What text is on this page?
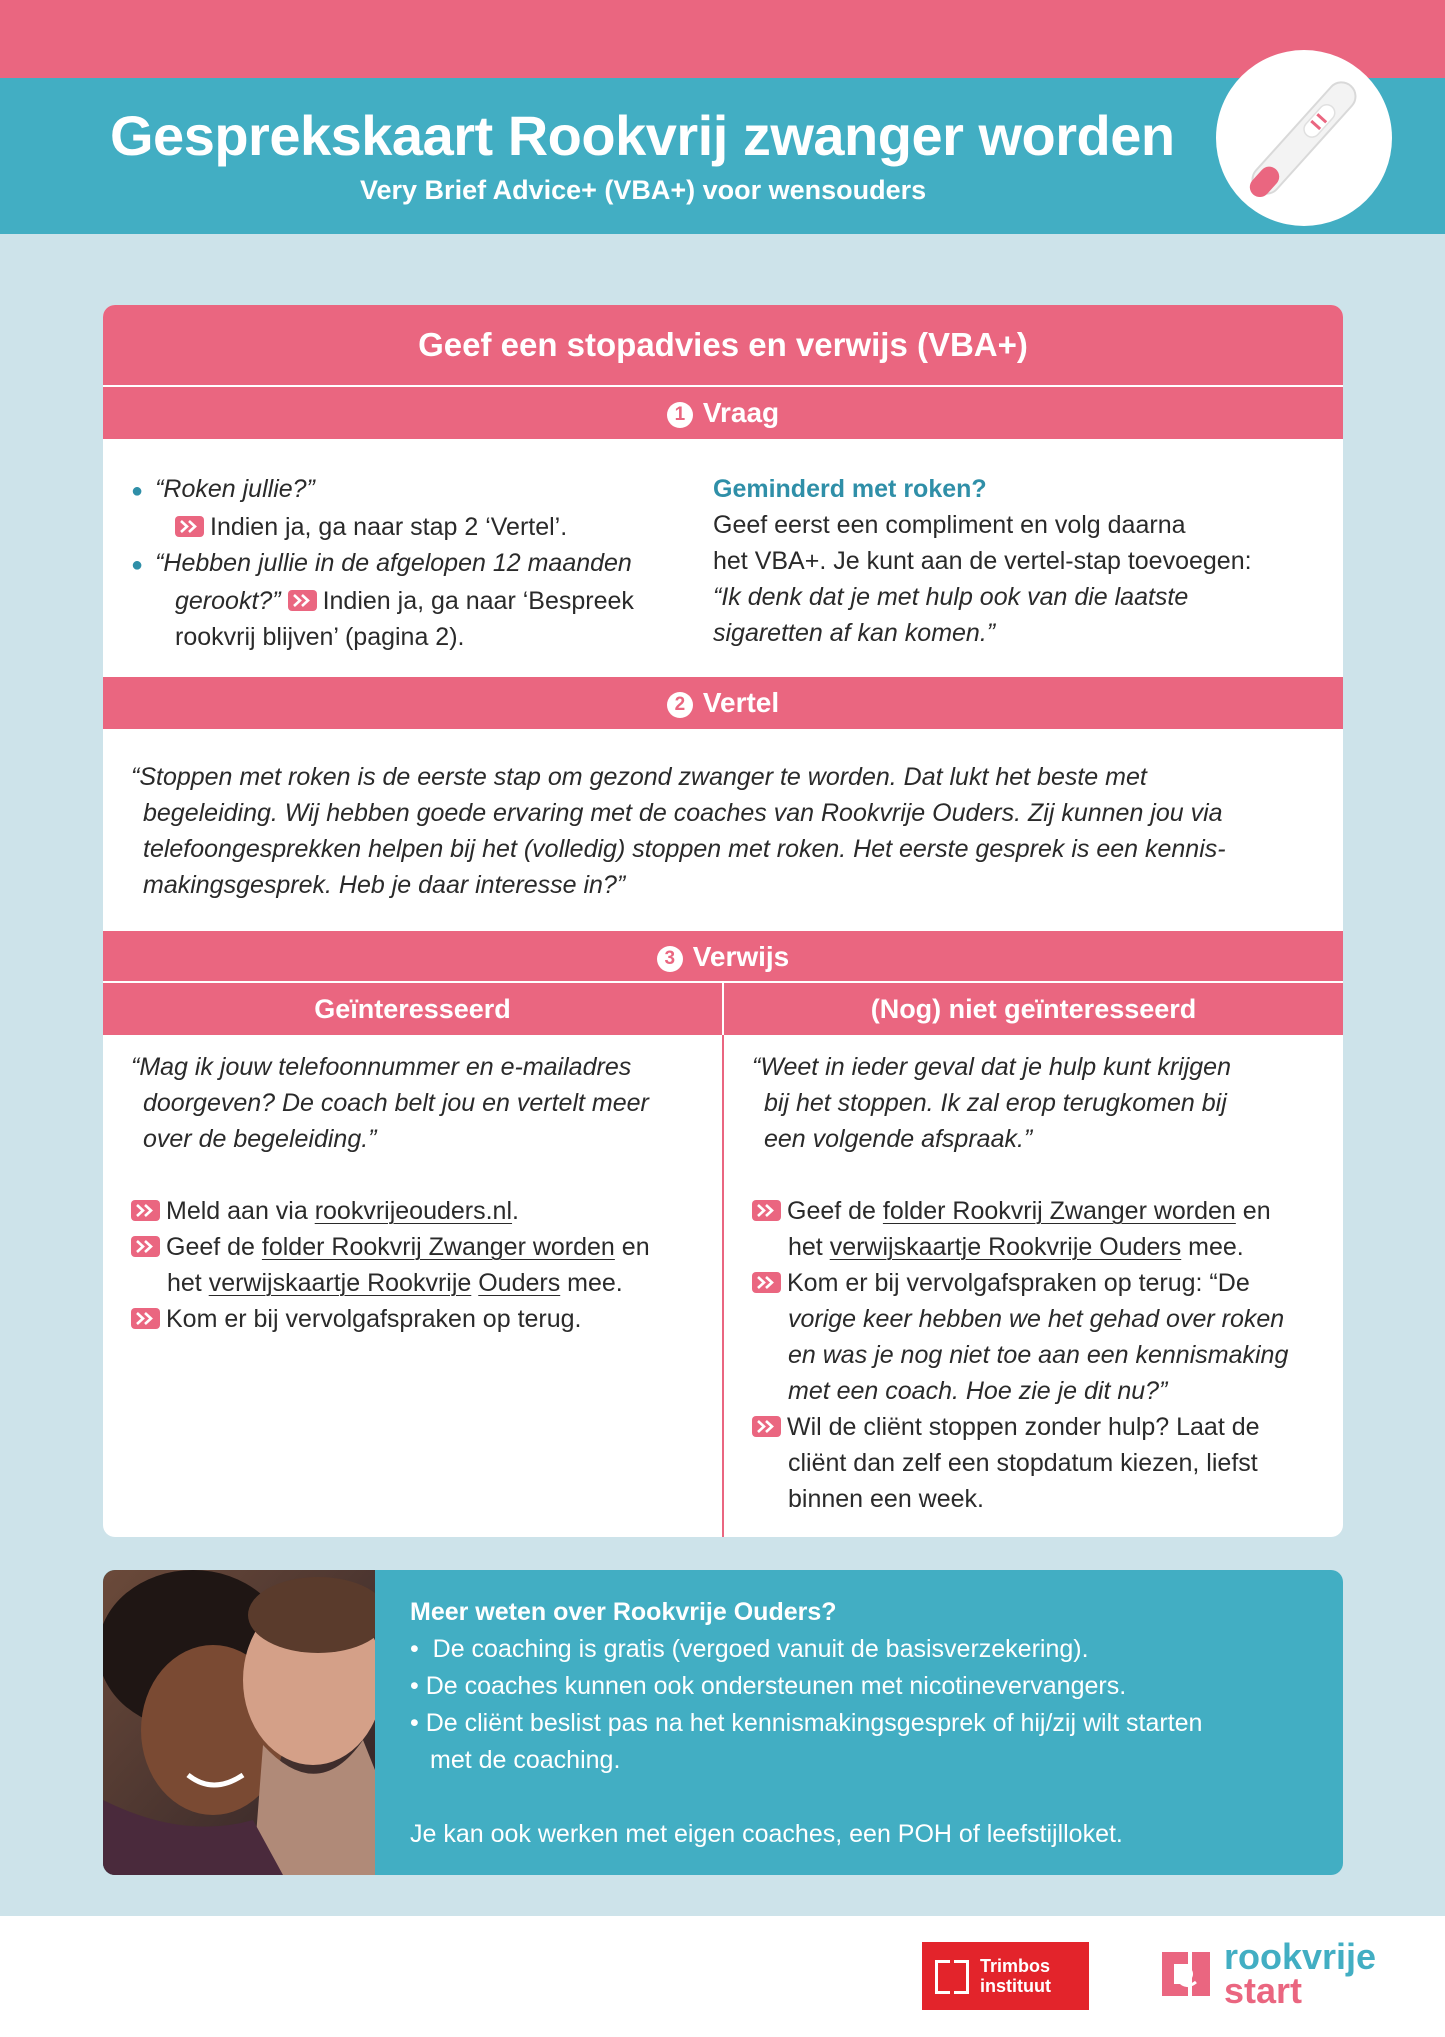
Gesprekskaart Rookvrij zwanger worden
Very Brief Advice+ (VBA+) voor wensouders
Geef een stopadvies en verwijs (VBA+)
1 Vraag
● “Roken jullie?”
Indien ja, ga naar stap 2 ‘Vertel’.
● “Hebben jullie in de afgelopen 12 maanden
gerookt?” Indien ja, ga naar ‘Bespreek
rookvrij blijven’ (pagina 2).
Geminderd met roken?
Geef eerst een compliment en volg daarna
het VBA+. Je kunt aan de vertel-stap toevoegen:
“Ik denk dat je met hulp ook van die laatste
sigaretten af kan komen.”
2 Vertel
“Stoppen met roken is de eerste stap om gezond zwanger te worden. Dat lukt het beste met
begeleiding. Wij hebben goede ervaring met de coaches van Rookvrije Ouders. Zij kunnen jou via
telefoongesprekken helpen bij het (volledig) stoppen met roken. Het eerste gesprek is een kennis-
makingsgesprek. Heb je daar interesse in?”
3 Verwijs
Geïnteresseerd	(Nog) niet geïnteresseerd
“Mag ik jouw telefoonnummer en e-mailadres
doorgeven? De coach belt jou en vertelt meer
over de begeleiding.”

Meld aan via rookvrijeouders.nl.
Geef de folder Rookvrij Zwanger worden en
het verwijskaartje Rookvrije Ouders mee.
Kom er bij vervolgafspraken op terug.
“Weet in ieder geval dat je hulp kunt krijgen
bij het stoppen. Ik zal erop terugkomen bij
een volgende afspraak.”

Geef de folder Rookvrij Zwanger worden en
het verwijskaartje Rookvrije Ouders mee.
Kom er bij vervolgafspraken op terug: “De
vorige keer hebben we het gehad over roken
en was je nog niet toe aan een kennismaking
met een coach. Hoe zie je dit nu?”
Wil de cliënt stoppen zonder hulp? Laat de
cliënt dan zelf een stopdatum kiezen, liefst
binnen een week.
Meer weten over Rookvrije Ouders?
•  De coaching is gratis (vergoed vanuit de basisverzekering).
• De coaches kunnen ook ondersteunen met nicotinevervangers.
• De cliënt beslist pas na het kennismakingsgesprek of hij/zij wilt starten
met de coaching.

Je kan ook werken met eigen coaches, een POH of leefstijlloket.
Trimbos
instituut
rookvrije
start
